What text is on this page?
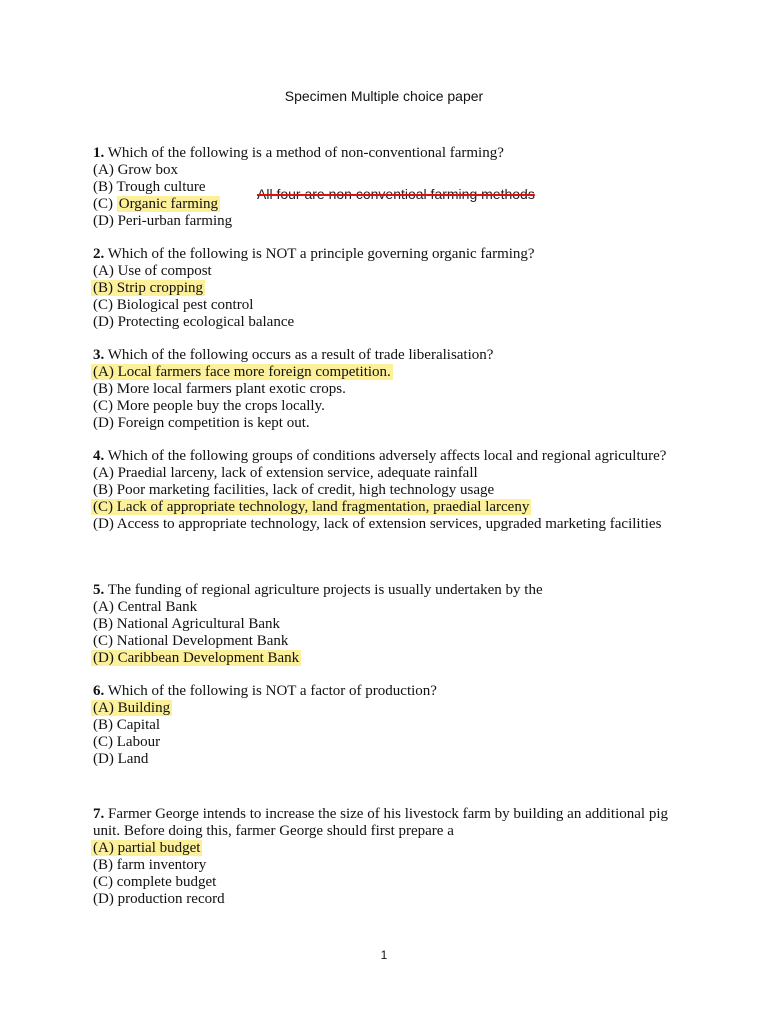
Specimen Multiple choice paper

1. Which of the following is a method of non-conventional farming?

(A) Grow box
(B) Trough culture
(C) Organic farming
(D) Peri-urban farming
All four are non conventioal farming methods

2. Which of the following is NOT a principle governing organic farming?

(A) Use of compost
(B) Strip cropping
(C) Biological pest control
(D) Protecting ecological balance

3. Which of the following occurs as a result of trade liberalisation?

(A) Local farmers face more foreign competition.
(B) More local farmers plant exotic crops.
(C) More people buy the crops locally.
(D) Foreign competition is kept out.

4. Which of the following groups of conditions adversely affects local and regional agriculture?

(A) Praedial larceny, lack of extension service, adequate rainfall
(B) Poor marketing facilities, lack of credit, high technology usage
(C) Lack of appropriate technology, land fragmentation, praedial larceny
(D) Access to appropriate technology, lack of extension services, upgraded marketing facilities

5. The funding of regional agriculture projects is usually undertaken by the

(A) Central Bank
(B) National Agricultural Bank
(C) National Development Bank
(D) Caribbean Development Bank

6. Which of the following is NOT a factor of production?

(A) Building
(B) Capital
(C) Labour
(D) Land

7. Farmer George intends to increase the size of his livestock farm by building an additional pig

unit. Before doing this, farmer George should first prepare a
(A) partial budget
(B) farm inventory
(C) complete budget
(D) production record
1
